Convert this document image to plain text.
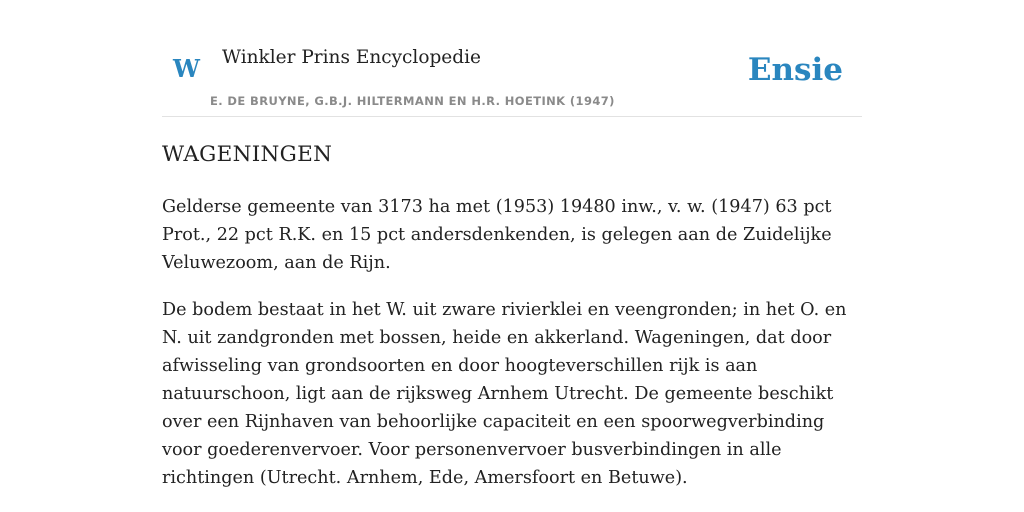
W Winkler Prins Encyclopedie
E. DE BRUYNE, G.B.J. HILTERMANN EN H.R. HOETINK (1947)
Ensie
WAGENINGEN

Gelderse gemeente van 3173 ha met (1953) 19480 inw., v. w. (1947) 63 pct Prot., 22 pct R.K. en 15 pct andersdenkenden, is gelegen aan de Zuidelijke Veluwezoom, aan de Rijn.

De bodem bestaat in het W. uit zware rivierklei en veengronden; in het O. en N. uit zandgronden met bossen, heide en akkerland. Wageningen, dat door afwisseling van grondsoorten en door hoogteverschillen rijk is aan natuurschoon, ligt aan de rijksweg Arnhem Utrecht. De gemeente beschikt over een Rijnhaven van behoorlijke capaciteit en een spoorwegverbinding voor goederenvervoer. Voor personenvervoer busverbindingen in alle richtingen (Utrecht. Arnhem, Ede, Amersfoort en Betuwe).
